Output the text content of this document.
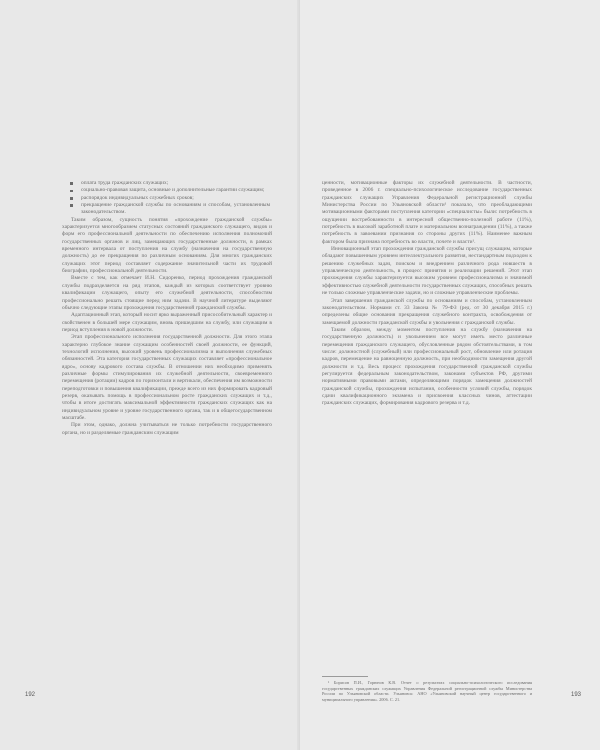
оплата труда гражданских служащих;
социально-правовая защита, основные и дополнительные гарантии служащим;
распорядок индивидуальных служебных сроков;
прекращение гражданской службы по основаниям и способам, установленным законодательством.

Таким образом, сущность понятия «прохождение гражданской службы» характеризуется многообразием статусных состояний гражданского служащего, видов и форм его профессиональной деятельности по обеспечению исполнения полномочий государственных органов и лиц, замещающих государственные должности, в рамках временного интервала от поступления на службу (назначения на государственную должность) до ее прекращения по различным основаниям. Для многих гражданских служащих этот период составляет содержание значительной части их трудовой биографии, профессиональной деятельности.

Вместе с тем, как отмечает И.Н. Сидоренко, период прохождения гражданской службы подразделяется на ряд этапов, каждый из которых соответствует уровню квалификации служащего, опыту его служебной деятельности, способностям профессионально решать стоящие перед ним задачи. В научной литературе выделяют обычно следующие этапы прохождения государственной гражданской службы.

Адаптационный этап, который носит ярко выраженный присособительный характер и свойственен в большей мере служащим, вновь пришедшим на службу, или служащим в период вступления в новой должности.

Этап профессионального исполнения государственной должности. Для этого этапа характерно глубокое знание служащим особенностей своей должности, ее функций, технологий исполнения, высокий уровень профессионализма и выполнения служебных обязанностей. Эта категория государственных служащих составляет «профессиональное ядро», основу кадрового состава службы. В отношении них необходимо применять различные формы стимулирования их служебной деятельности, своевременного перемещения (ротации) кадров по горизонтали и вертикали, обеспечения им возможности переподготовки и повышения квалификации, прежде всего из них формировать кадровый резерв, оказывать помощь в профессиональном росте гражданских служащих и т.д., чтобы в итоге достигать максимальной эффективности гражданских служащих как на индивидуальном уровне и уровне государственного органа, так и в общегосударственном масштабе.

При этом, однако, должна учитываться не только потребности государственного органа, но и разделяемые гражданским служащим

192

ценности, мотивационные факторы их служебной деятельности. В частности, проведенное в 2006 г. специально-психологическое исследование государственных гражданских служащих Управления Федеральной регистрационной службы Министерства России по Ульяновской области¹ показало, что преобладающими мотивационными факторами поступления категории «специалисты» были: потребность в ощущении востребованности в интересной общественно-полезной работе (11%), потребность в высокой заработной плате и материальном вознаграждении (11%), а также потребность в завоевании признания со стороны других (11%). Наименее важным фактором была признана потребность во власти, почете и власти¹.

Инновационный этап прохождения гражданской службы присущ служащим, которые обладают повышенным уровнем интеллектуального развития, нестандартным подходом к решению служебных задач, поиском и внедрением различного рода новшеств в управленческую деятельность, в процесс принятия и реализации решений. Этот этап прохождения службы характеризуется высоким уровнем профессионализма и значимой эффективностью служебной деятельности государственных служащих, способных решать не только сложные управленческие задачи, но и сложные управленческие проблемы.

Этап завершения гражданской службы по основаниям и способам, установленным законодательством. Нормами ст. 33 Закона № 79-ФЗ (ред. от 30 декабря 2015 г.) определены общие основания прекращения служебного контракта, освобождения от замещаемой должности гражданской службы и увольнения с гражданской службы.

Таким образом, между моментом поступления на службу (назначения на государственную должность) и увольнением все могут иметь место различные перемещения гражданского служащего, обусловленные рядом обстоятельствами, в том числе: должностной (служебный) или профессиональный рост, обновление или ротация кадров, перемещение на равноценную должность, при необходимости замещения другой должности и т.д. Весь процесс прохождения государственной гражданской службы регулируется федеральным законодательством, законами субъектов РФ, другими нормативными правовыми актами, определяющими порядок замещения должностей гражданской службы, прохождения испытания, особенности условий службы, порядок сдачи квалификационного экзамена и присвоения классных чинов, аттестации гражданских служащих, формирования кадрового резерва и т.д.

¹ Борисов П.И., Горюнов К.В. Отчет о результатах социально-психологического исследования государственных гражданских служащих Управления Федеральной регистрационной службы Министерства России по Ульяновской области. Ульяновск: АНО «Ульяновский научный центр государственного и муниципального управления». 2006. С. 21.
193
